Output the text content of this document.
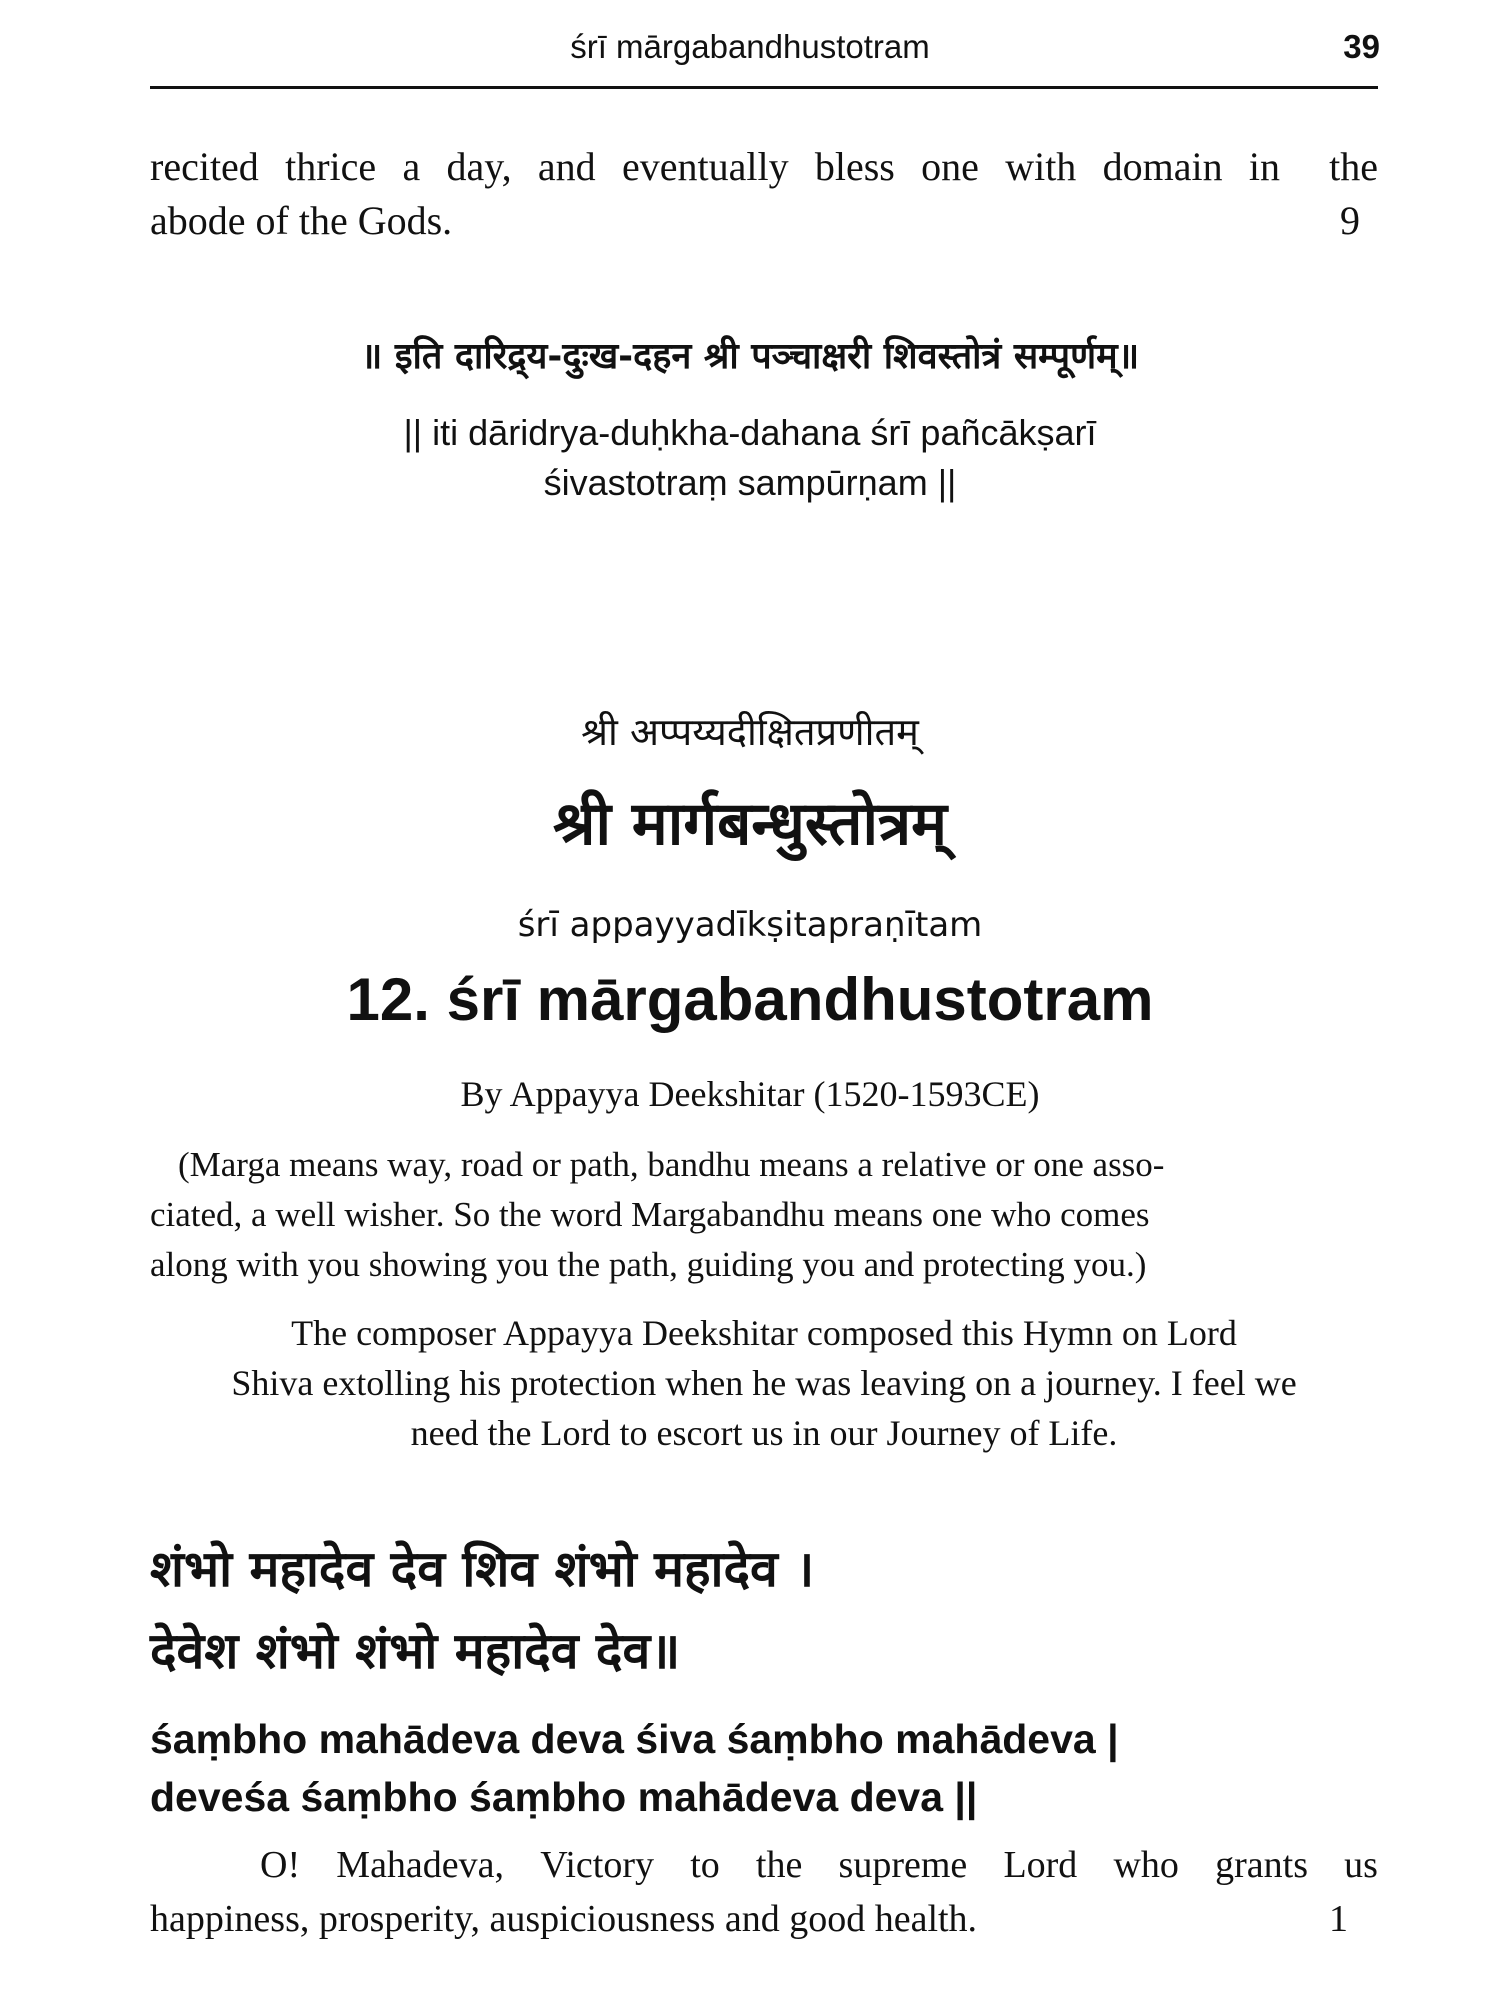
śrī mārgabandhustotram	39
recited thrice a day, and eventually bless one with domain in the
abode of the Gods.	9
॥ इति दारिद्र्य-दुःख-दहन श्री पञ्चाक्षरी शिवस्तोत्रं सम्पूर्णम्॥
|| iti dāridrya-duḥkha-dahana śrī pañcākṣarī
śivastotraṃ sampūrṇam ||
श्री अप्पय्यदीक्षितप्रणीतम्
श्री मार्गबन्धुस्तोत्रम्
śrī appayyadīkṣitapraṇītam
12. śrī mārgabandhustotram
By Appayya Deekshitar (1520-1593CE)
(Marga means way, road or path, bandhu means a relative or one asso-
ciated, a well wisher. So the word Margabandhu means one who comes
along with you showing you the path, guiding you and protecting you.)
The composer Appayya Deekshitar composed this Hymn on Lord
Shiva extolling his protection when he was leaving on a journey. I feel we
need the Lord to escort us in our Journey of Life.
शंभो महादेव देव शिव शंभो महादेव ।
देवेश शंभो शंभो महादेव देव॥
śaṃbho mahādeva deva śiva śaṃbho mahādeva |
deveśa śaṃbho śaṃbho mahādeva deva ||
O! Mahadeva, Victory to the supreme Lord who grants us
happiness, prosperity, auspiciousness and good health.	1
